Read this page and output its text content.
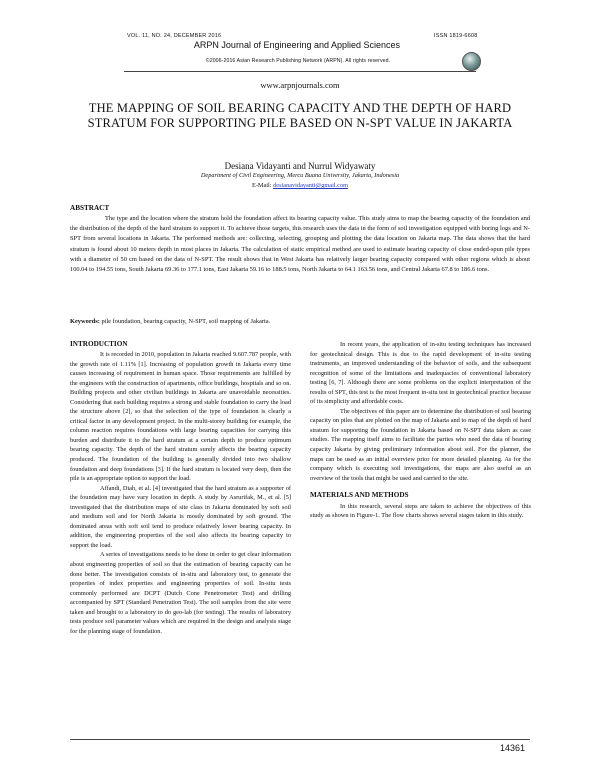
VOL. 11, NO. 24, DECEMBER 2016	ISSN 1819-6608
ARPN Journal of Engineering and Applied Sciences
©2006-2016 Asian Research Publishing Network (ARPN). All rights reserved.
www.arpnjournals.com
THE MAPPING OF SOIL BEARING CAPACITY AND THE DEPTH OF HARD STRATUM FOR SUPPORTING PILE BASED ON N-SPT VALUE IN JAKARTA
Desiana Vidayanti and Nurrul Widyawaty
Department of Civil Engineering, Mercu Buana University, Jakarta, Indonesia
E-Mail: desianavidayanti@gmail.com
ABSTRACT

The type and the location where the stratum hold the foundation affect its bearing capacity value. This study aims to map the bearing capacity of the foundation and the distribution of the depth of the hard stratum to support it. To achieve those targets, this research uses the data in the form of soil investigation equipped with boring logs and N-SPT from several locations in Jakarta. The performed methods are: collecting, selecting, grouping and plotting the data location on Jakarta map. The data shows that the hard stratum is found about 10 meters depth in most places in Jakarta. The calculation of static empirical method are used to estimate bearing capacity of close ended-spun pile types with a diameter of 50 cm based on the data of N-SPT. The result shows that in West Jakarta has relatively larger bearing capacity compared with other regions which is about 100.04 to 194.55 tons, South Jakarta 69.36 to 177.1 tons, East Jakarta 59.16 to 188.5 tons, North Jakarta to 64.1 163.56 tons, and Central Jakarta 67.8 to 186.6 tons.

Keywords: pile foundation, bearing capacity, N-SPT, soil mapping of Jakarta.

INTRODUCTION

It is recorded in 2010, population in Jakarta reached 9.607.787 people, with the growth rate of 1.11% [1]. Increasing of population growth in Jakarta every time causes increasing of requirement in human space. Those requirements are fulfilled by the engineers with the construction of apartments, office buildings, hospitals and so on. Building projects and other civilian buildings in Jakarta are unavoidable necessities. Considering that each building requires a strong and stable foundation to carry the load the structure above [2], so that the selection of the type of foundation is clearly a critical factor in any development project. In the multi-storey building for example, the column reaction requires foundations with large bearing capacities for carrying this burden and distribute it to the hard stratum at a certain depth to produce optimum bearing capacity. The depth of the hard stratum surely affects the bearing capacity produced. The foundation of the building is generally divided into two shallow foundation and deep foundations [3]. If the hard stratum is located very deep, then the pile is an appropriate option to support the load.

Affandi, Diah, et al. [4] investigated that the hard stratum as a supporter of the foundation may have vary location in depth. A study by Asrurifak, M., et al. [5] investigated that the distribution maps of site class in Jakarta dominated by soft soil and medium soil and for North Jakarta is mostly dominated by soft ground. The dominated areas with soft soil tend to produce relatively lower bearing capacity. In addition, the engineering properties of the soil also affects its bearing capacity to support the load.

A series of investigations needs to be done in order to get clear information about engineering properties of soil so that the estimation of bearing capacity can be done better. The investigation consists of in-situ and laboratory test, to generate the properties of index properties and engineering properties of soil. In-situ tests commonly performed are DCPT (Dutch Cone Penetrometer Test) and drilling accompanied by SPT (Standard Penetration Test). The soil samples from the site were taken and brought to a laboratory to do geo-lab (for testing). The results of laboratory tests produce soil parameter values which are required in the design and analysis stage for the planning stage of foundation.

In recent years, the application of in-situ testing techniques has increased for geotechnical design. This is due to the rapid development of in-situ testing instruments, an improved understanding of the behavior of soils, and the subsequent recognition of some of the limitations and inadequacies of conventional laboratory testing [6, 7]. Although there are some problems on the explicit interpretation of the results of SPT, this test is the most frequent in-situ test in geotechnical practice because of its simplicity and affordable costs.

The objectives of this paper are to determine the distribution of soil bearing capacity on piles that are plotted on the map of Jakarta and to map of the depth of hard stratum for supporting the foundation in Jakarta based on N-SPT data taken as case studies. The mapping itself aims to facilitate the parties who need the data of bearing capacity Jakarta by giving preliminary information about soil. For the planner, the maps can be used as an initial overview prior for more detailed planning. As for the company which is executing soil investigations, the maps are also useful as an overview of the tools that might be used and carried to the site.

MATERIALS AND METHODS

In this research, several steps are taken to achieve the objectives of this study as shown in Figure-1. The flow charts shows several stages taken in this study.

14361
